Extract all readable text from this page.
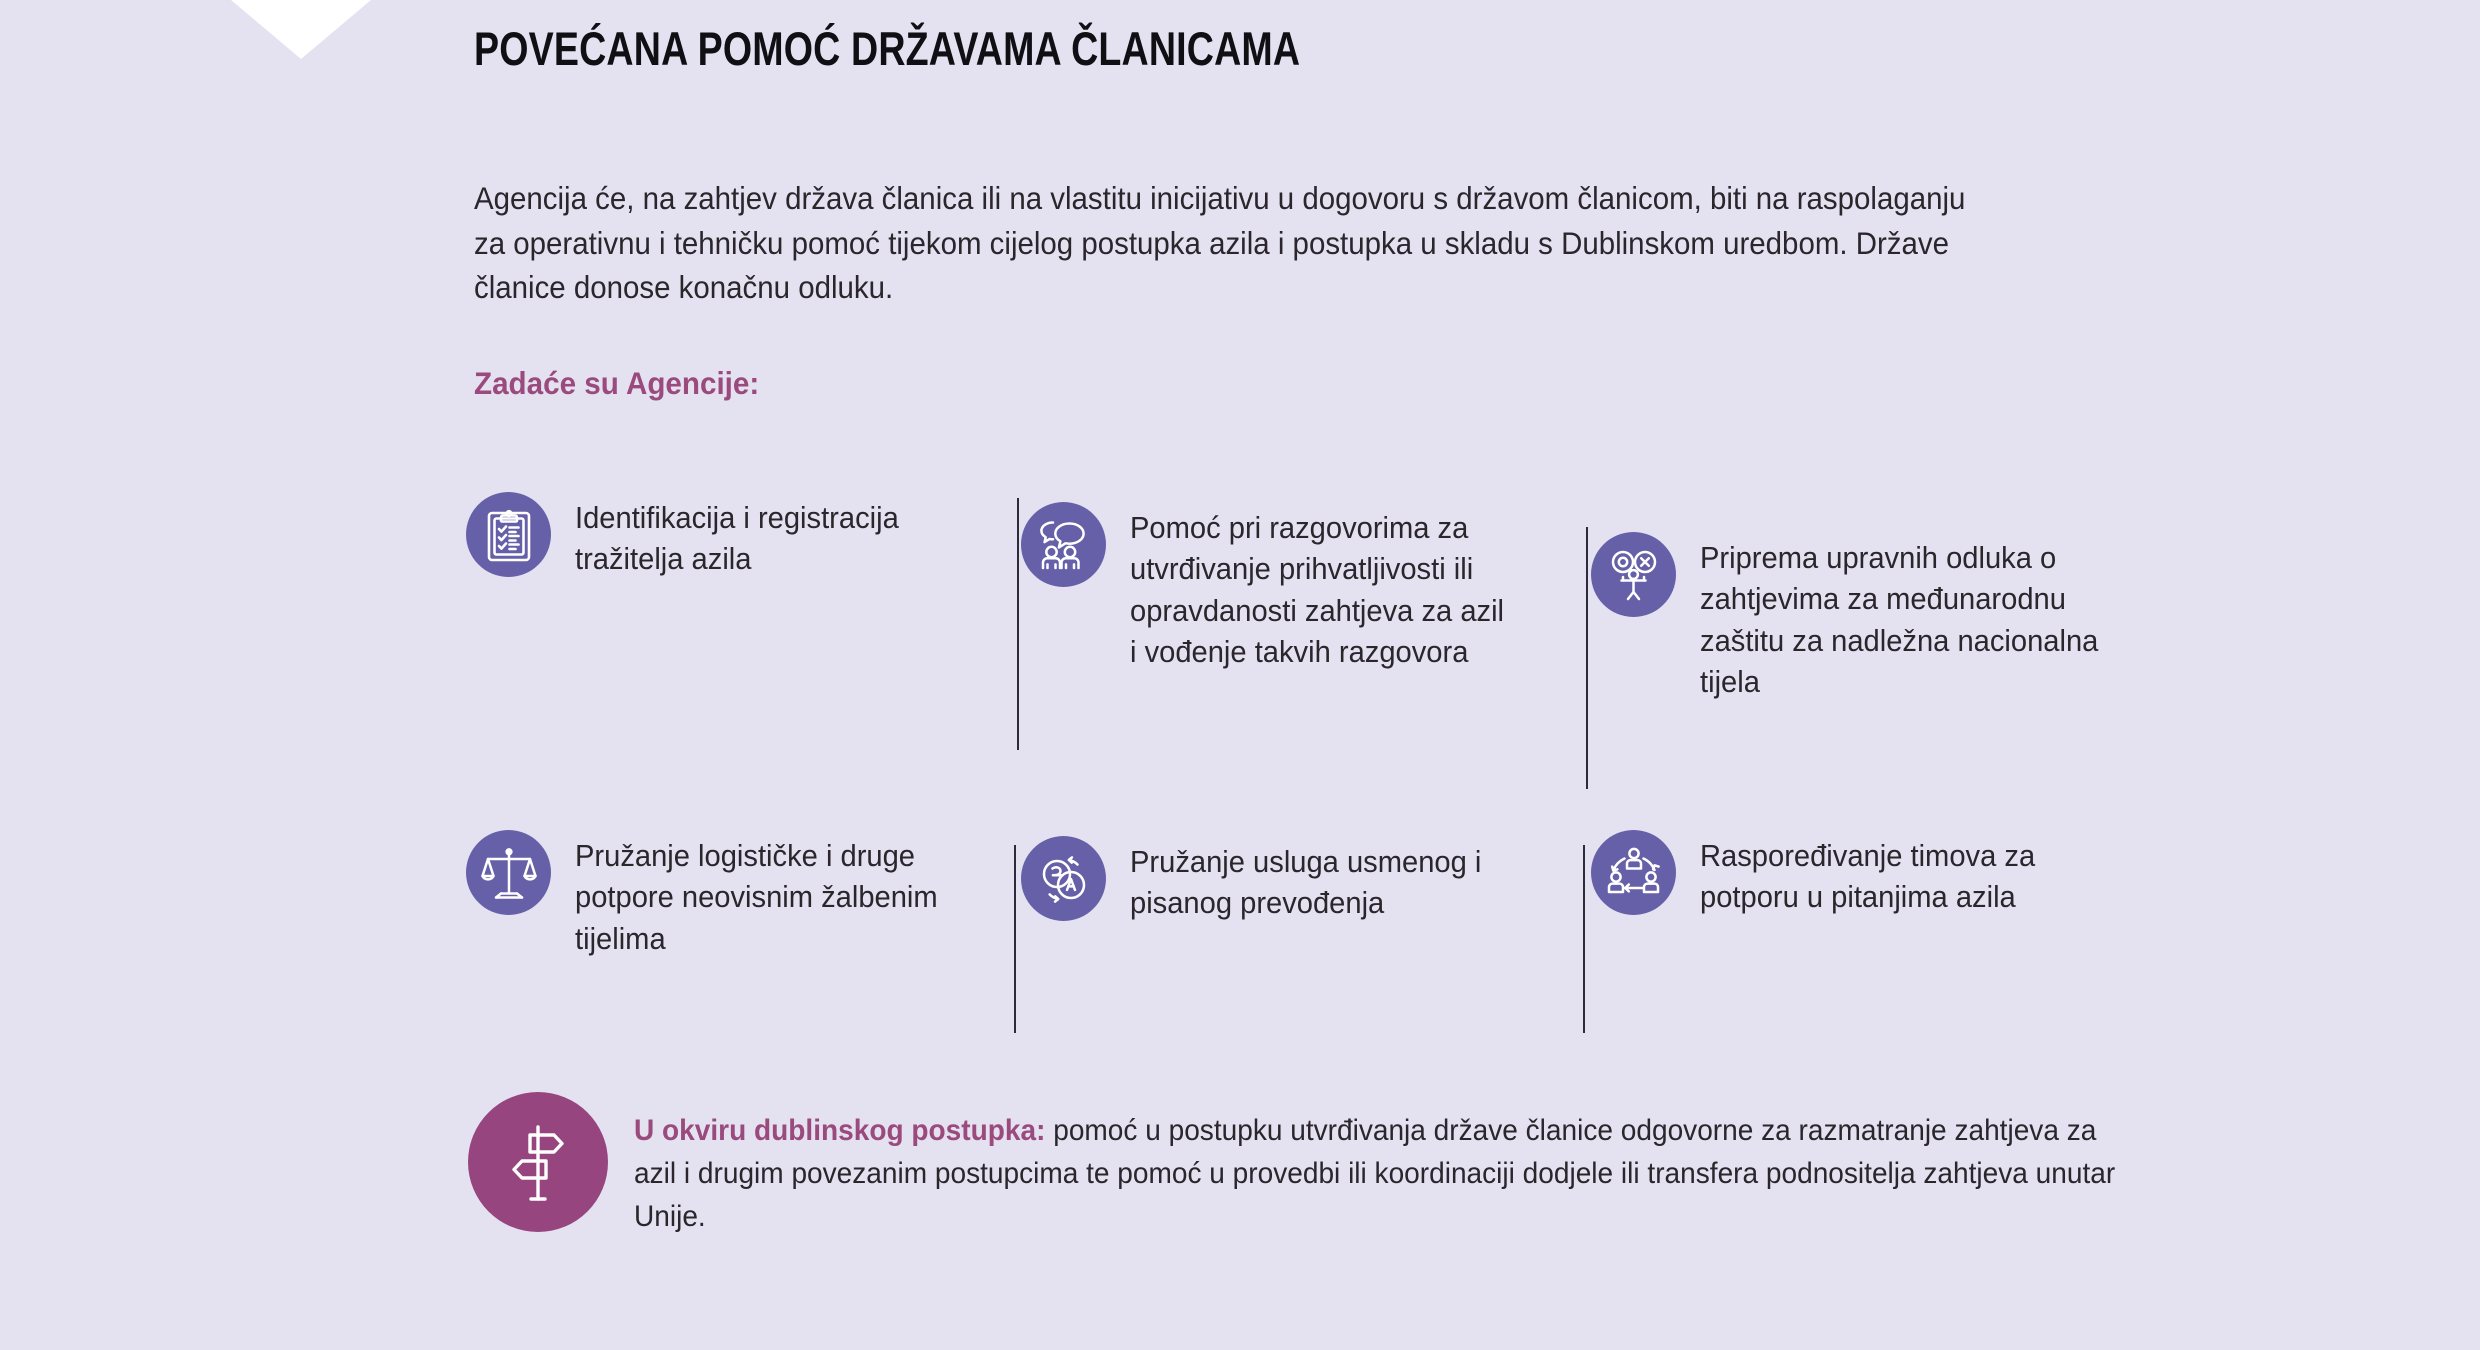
POVEĆANA POMOĆ DRŽAVAMA ČLANICAMA
Agencija će, na zahtjev država članica ili na vlastitu inicijativu u dogovoru s državom članicom, biti na raspolaganju za operativnu i tehničku pomoć tijekom cijelog postupka azila i postupka u skladu s Dublinskom uredbom. Države članice donose konačnu odluku.
Zadaće su Agencije:
Identifikacija i registracija tražitelja azila
Pomoć pri razgovorima za utvrđivanje prihvatljivosti ili opravdanosti zahtjeva za azil i vođenje takvih razgovora
Priprema upravnih odluka o zahtjevima za međunarodnu zaštitu za nadležna nacionalna tijela
Pružanje logističke i druge potpore neovisnim žalbenim tijelima
Pružanje usluga usmenog i pisanog prevođenja
Raspoređivanje timova za potporu u pitanjima azila
U okviru dublinskog postupka: pomoć u postupku utvrđivanja države članice odgovorne za razmatranje zahtjeva za azil i drugim povezanim postupcima te pomoć u provedbi ili koordinaciji dodjele ili transfera podnositelja zahtjeva unutar Unije.
